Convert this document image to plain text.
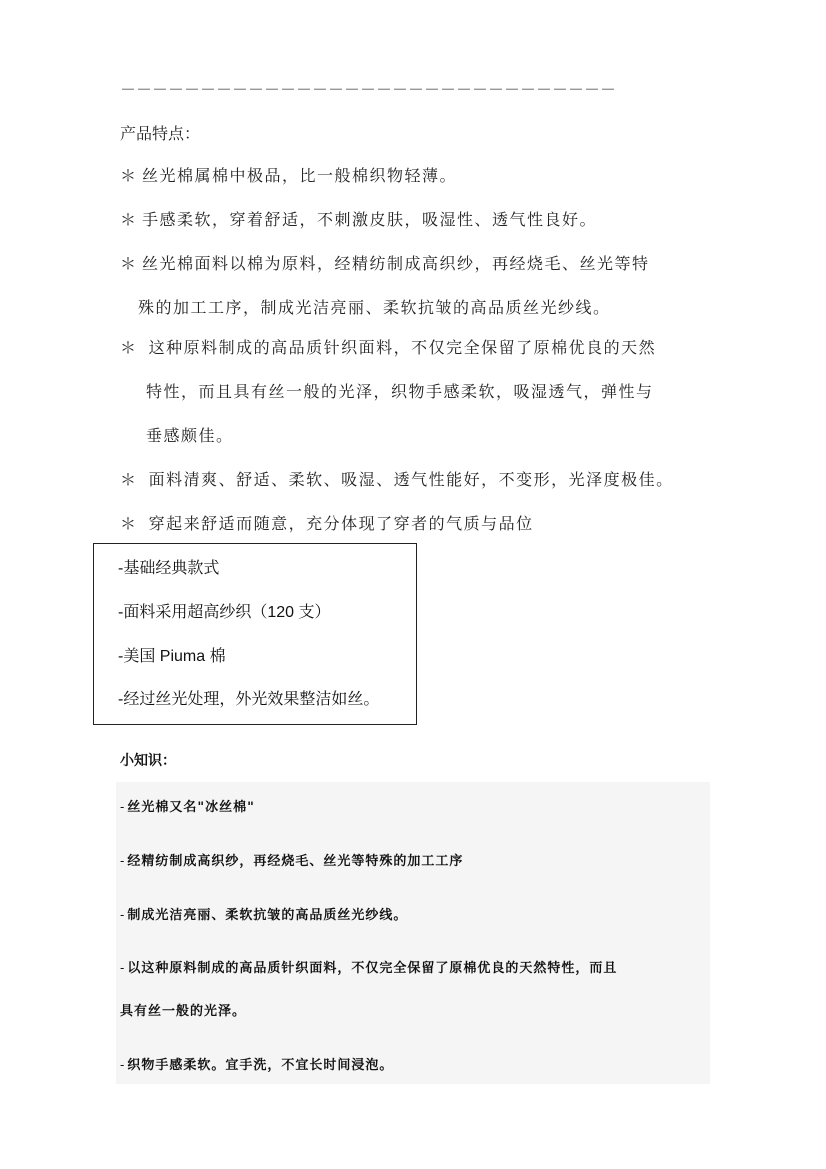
－－－－－－－－－－－－－－－－－－－－－－－－－－－－－－－
产品特点：
＊ 丝光棉属棉中极品，比一般棉织物轻薄。
＊ 手感柔软，穿着舒适，不刺激皮肤，吸湿性、透气性良好。
＊ 丝光棉面料以棉为原料，经精纺制成高织纱，再经烧毛、丝光等特
殊的加工工序，制成光洁亮丽、柔软抗皱的高品质丝光纱线。
＊ 这种原料制成的高品质针织面料，不仅完全保留了原棉优良的天然
特性，而且具有丝一般的光泽，织物手感柔软，吸湿透气，弹性与
垂感颇佳。
＊ 面料清爽、舒适、柔软、吸湿、透气性能好，不变形，光泽度极佳。
＊ 穿起来舒适而随意，充分体现了穿者的气质与品位
-基础经典款式
-面料采用超高纱织（120 支）
-美国 Piuma 棉
-经过丝光处理，外光效果整洁如丝。
小知识：
- 丝光棉又名"冰丝棉"
- 经精纺制成高织纱，再经烧毛、丝光等特殊的加工工序
- 制成光洁亮丽、柔软抗皱的高品质丝光纱线。
- 以这种原料制成的高品质针织面料，不仅完全保留了原棉优良的天然特性，而且
具有丝一般的光泽。
- 织物手感柔软。宜手洗，不宜长时间浸泡。
